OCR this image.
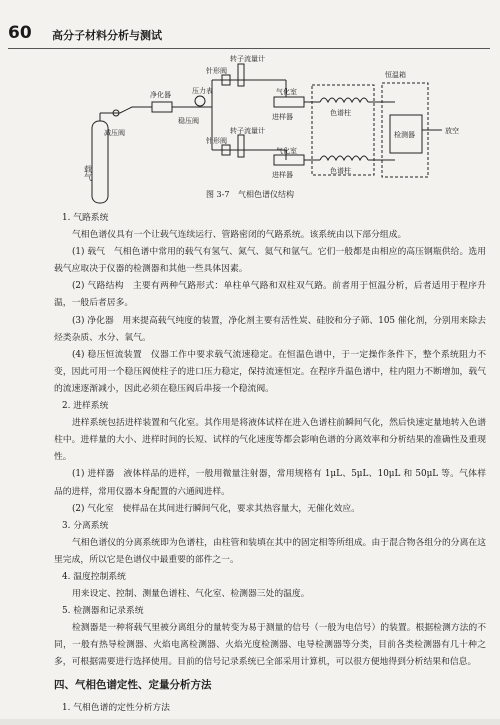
60 高分子材料分析与测试
载气
减压阀
净化器	压力表
稳压阀
针形阀
针形阀
转子流量计
转子流量计
气化室
气化室
进样器
进样器
色谱柱
色谱柱
恒温箱
检测器	放空
图 3-7 气相色谱仪结构

1. 气路系统

气相色谱仪具有一个让载气连续运行、管路密闭的气路系统。该系统由以下部分组成。

(1) 载气　气相色谱中常用的载气有氢气、氮气、氦气和氩气。它们一般都是由相应的高压钢瓶供给。选用载气应取决于仪器的检测器和其他一些具体因素。

(2) 气路结构　主要有两种气路形式：单柱单气路和双柱双气路。前者用于恒温分析，后者适用于程序升温，一般后者居多。

(3) 净化器　用来提高载气纯度的装置，净化剂主要有活性炭、硅胶和分子筛、105 催化剂，分别用来除去烃类杂质、水分、氧气。

(4) 稳压恒流装置　仪器工作中要求载气流速稳定。在恒温色谱中，于一定操作条件下，整个系统阻力不变，因此可用一个稳压阀使柱子的进口压力稳定，保持流速恒定。在程序升温色谱中，柱内阻力不断增加，载气的流速逐渐减小，因此必须在稳压阀后串接一个稳流阀。

2. 进样系统

进样系统包括进样装置和气化室。其作用是将液体试样在进入色谱柱前瞬间气化，然后快速定量地转入色谱柱中。进样量的大小、进样时间的长短、试样的气化速度等都会影响色谱的分离效率和分析结果的准确性及重现性。

(1) 进样器　液体样品的进样，一般用微量注射器，常用规格有 1μL、5μL、10μL 和 50μL 等。气体样品的进样，常用仪器本身配置的六通阀进样。

(2) 气化室　使样品在其间进行瞬间气化，要求其热容量大，无催化效应。

3. 分离系统

气相色谱仪的分离系统即为色谱柱，由柱管和装填在其中的固定相等所组成。由于混合物各组分的分离在这里完成，所以它是色谱仪中最重要的部件之一。

4. 温度控制系统

用来设定、控制、测量色谱柱、气化室、检测器三处的温度。

5. 检测器和记录系统

检测器是一种将载气里被分离组分的量转变为易于测量的信号（一般为电信号）的装置。根据检测方法的不同，一般有热导检测器、火焰电离检测器、火焰光度检测器、电导检测器等分类，目前各类检测器有几十种之多，可根据需要进行选择使用。目前的信号记录系统已全部采用计算机，可以很方便地得到分析结果和信息。

四、气相色谱定性、定量分析方法

1. 气相色谱的定性分析方法
